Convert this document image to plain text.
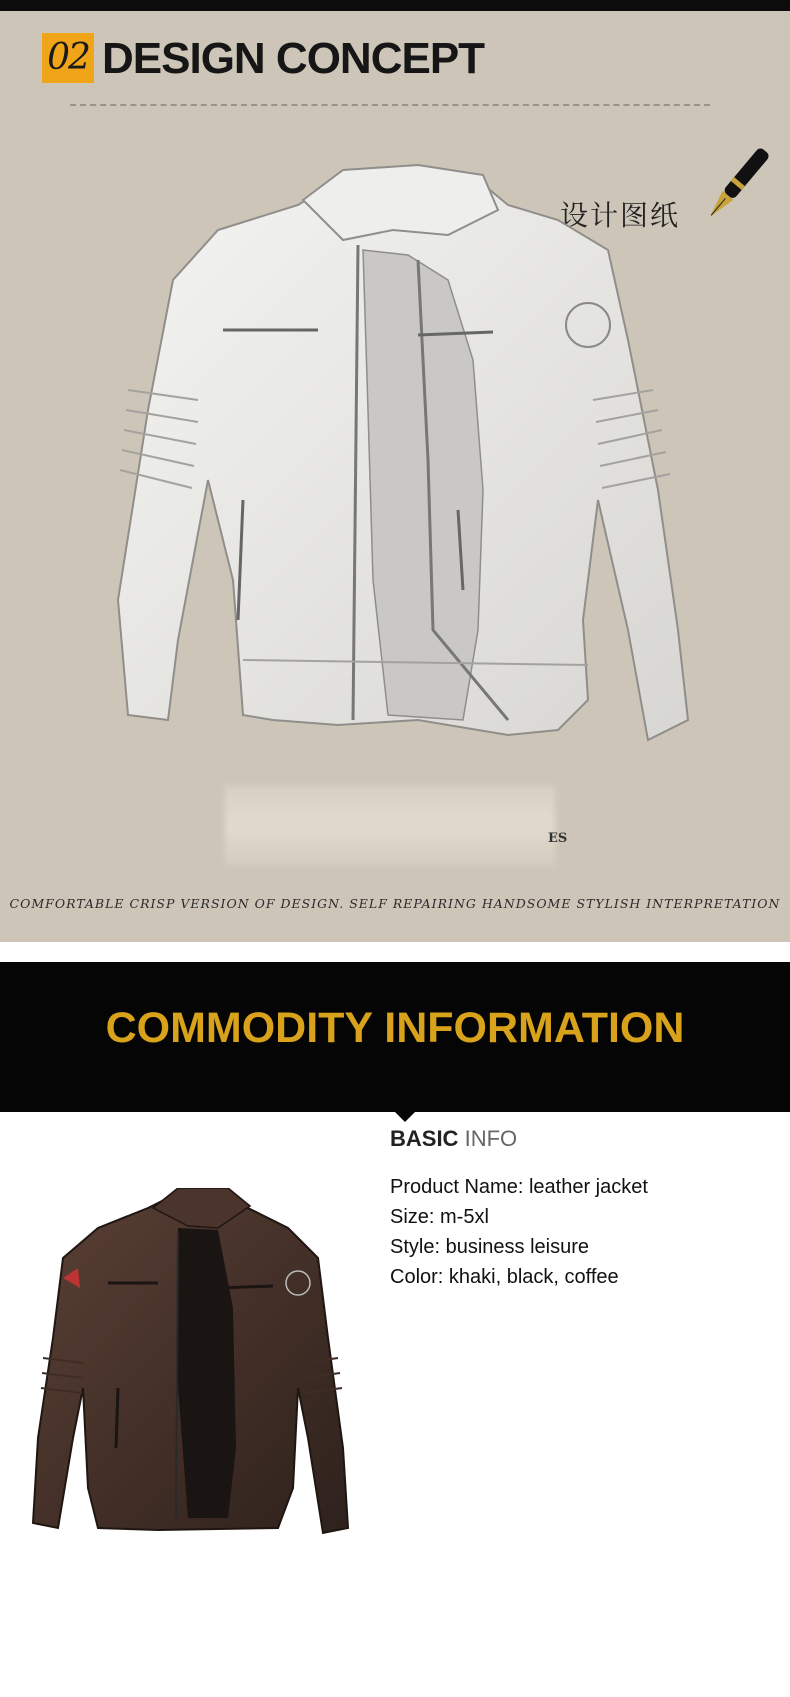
02 DESIGN CONCEPT
设计图纸
ES
COMFORTABLE CRISP VERSION OF DESIGN. SELF REPAIRING HANDSOME STYLISH INTERPRETATION
COMMODITY INFORMATION
BASIC INFO
Product Name: leather jacket
Size: m-5xl
Style: business leisure
Color: khaki, black, coffee
